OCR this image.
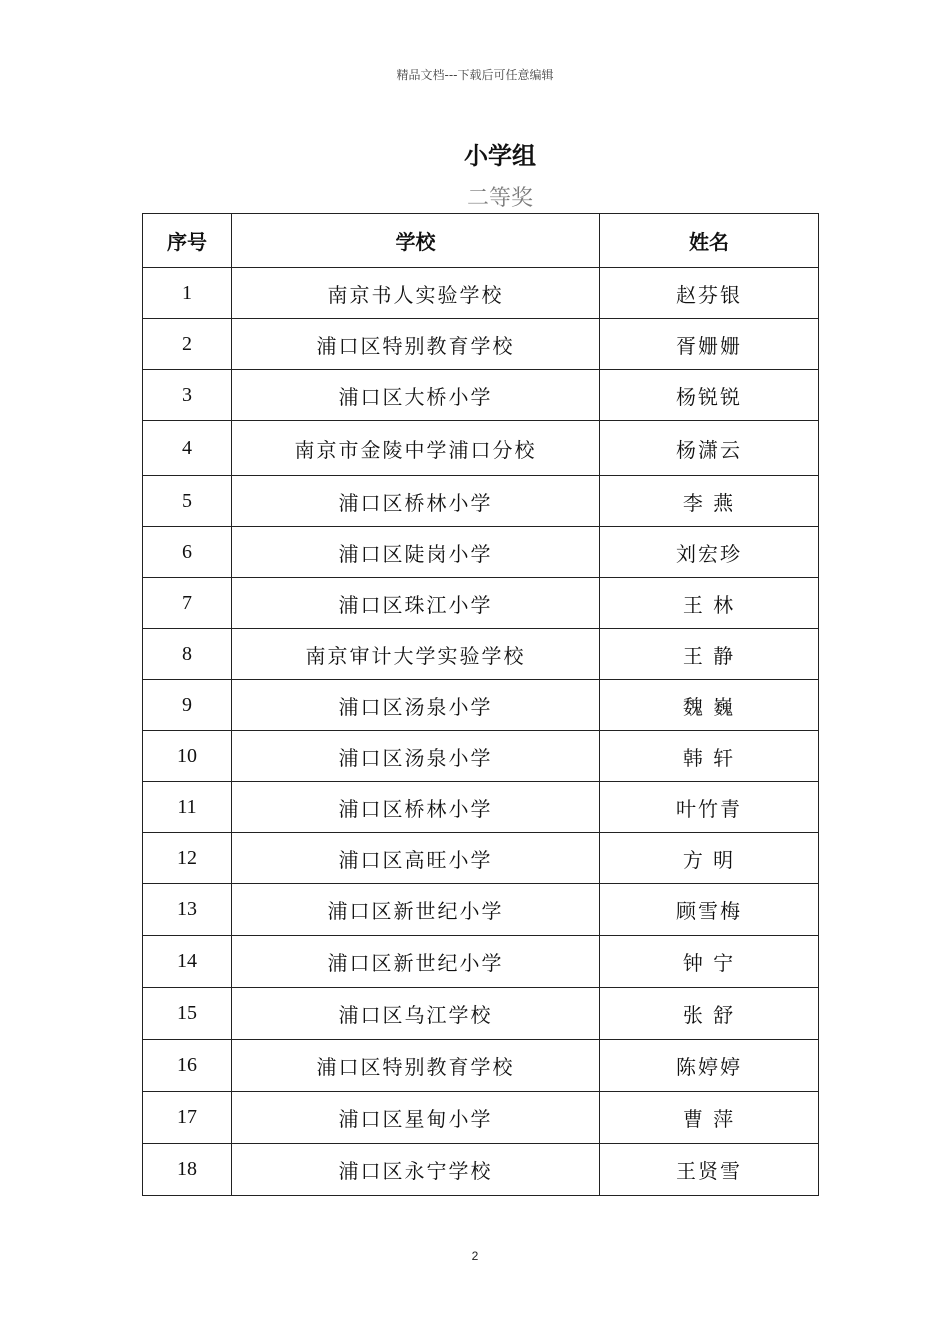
精品文档---下载后可任意编辑
小学组
二等奖
序号	学校	姓名
1	南京书人实验学校	赵芬银
2	浦口区特别教育学校	胥姗姗
3	浦口区大桥小学	杨锐锐
4	南京市金陵中学浦口分校	杨潇云
5	浦口区桥林小学	李 燕
6	浦口区陡岗小学	刘宏珍
7	浦口区珠江小学	王 林
8	南京审计大学实验学校	王 静
9	浦口区汤泉小学	魏 巍
10	浦口区汤泉小学	韩 轩
11	浦口区桥林小学	叶竹青
12	浦口区高旺小学	方 明
13	浦口区新世纪小学	顾雪梅
14	浦口区新世纪小学	钟 宁
15	浦口区乌江学校	张 舒
16	浦口区特别教育学校	陈婷婷
17	浦口区星甸小学	曹 萍
18	浦口区永宁学校	王贤雪
2
